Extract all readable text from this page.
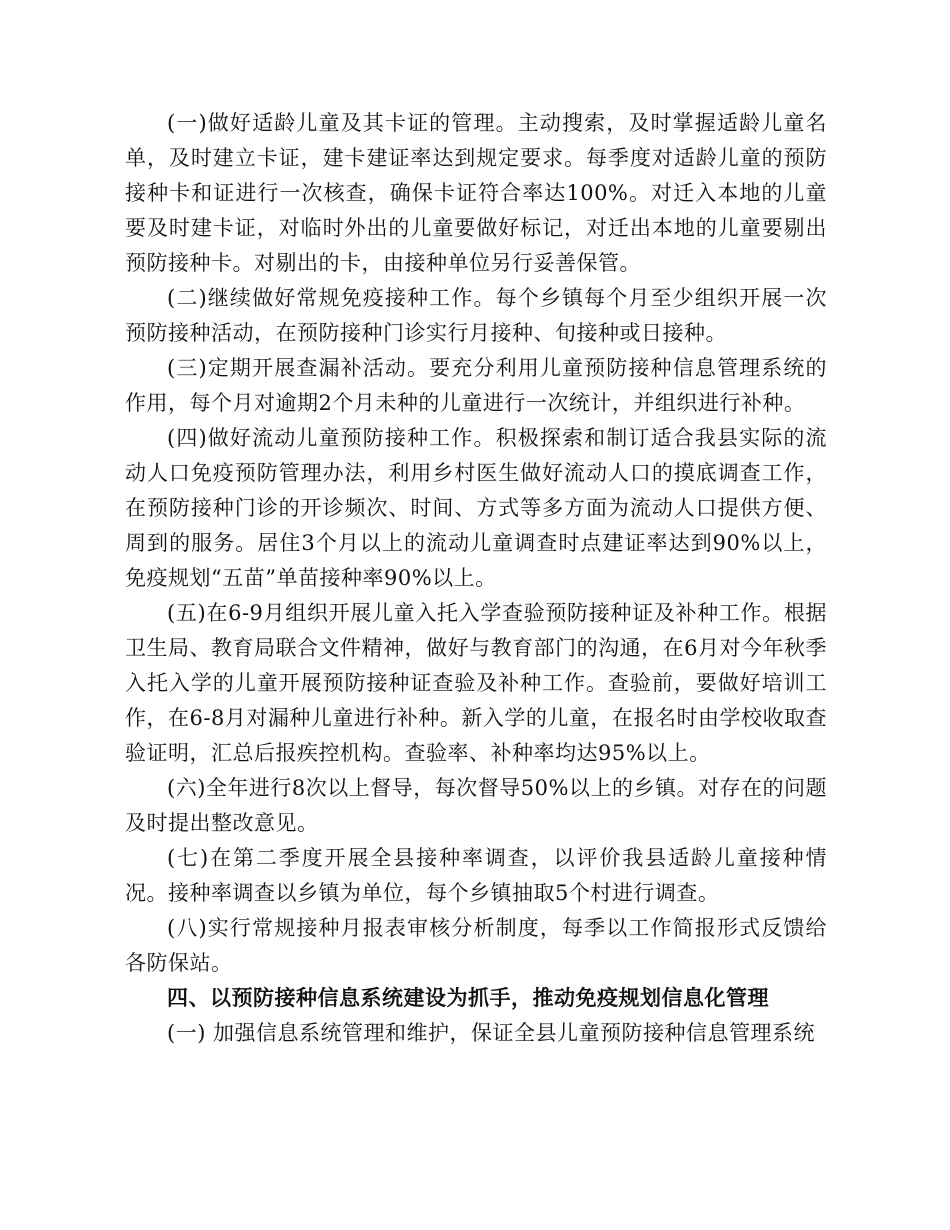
(一)做好适龄儿童及其卡证的管理。主动搜索，及时掌握适龄儿童名单，及时建立卡证，建卡建证率达到规定要求。每季度对适龄儿童的预防接种卡和证进行一次核查，确保卡证符合率达100%。对迁入本地的儿童要及时建卡证，对临时外出的儿童要做好标记，对迁出本地的儿童要剔出预防接种卡。对剔出的卡，由接种单位另行妥善保管。

(二)继续做好常规免疫接种工作。每个乡镇每个月至少组织开展一次预防接种活动，在预防接种门诊实行月接种、旬接种或日接种。

(三)定期开展查漏补活动。要充分利用儿童预防接种信息管理系统的作用，每个月对逾期2个月未种的儿童进行一次统计，并组织进行补种。

(四)做好流动儿童预防接种工作。积极探索和制订适合我县实际的流动人口免疫预防管理办法，利用乡村医生做好流动人口的摸底调查工作，在预防接种门诊的开诊频次、时间、方式等多方面为流动人口提供方便、周到的服务。居住3个月以上的流动儿童调查时点建证率达到90%以上，免疫规划“五苗”单苗接种率90%以上。

(五)在6-9月组织开展儿童入托入学查验预防接种证及补种工作。根据卫生局、教育局联合文件精神，做好与教育部门的沟通，在6月对今年秋季入托入学的儿童开展预防接种证查验及补种工作。查验前，要做好培训工作，在6-8月对漏种儿童进行补种。新入学的儿童，在报名时由学校收取查验证明，汇总后报疾控机构。查验率、补种率均达95%以上。

(六)全年进行8次以上督导，每次督导50%以上的乡镇。对存在的问题及时提出整改意见。

(七)在第二季度开展全县接种率调查，以评价我县适龄儿童接种情况。接种率调查以乡镇为单位，每个乡镇抽取5个村进行调查。

(八)实行常规接种月报表审核分析制度，每季以工作简报形式反馈给各防保站。

四、以预防接种信息系统建设为抓手，推动免疫规划信息化管理

(一) 加强信息系统管理和维护，保证全县儿童预防接种信息管理系统
